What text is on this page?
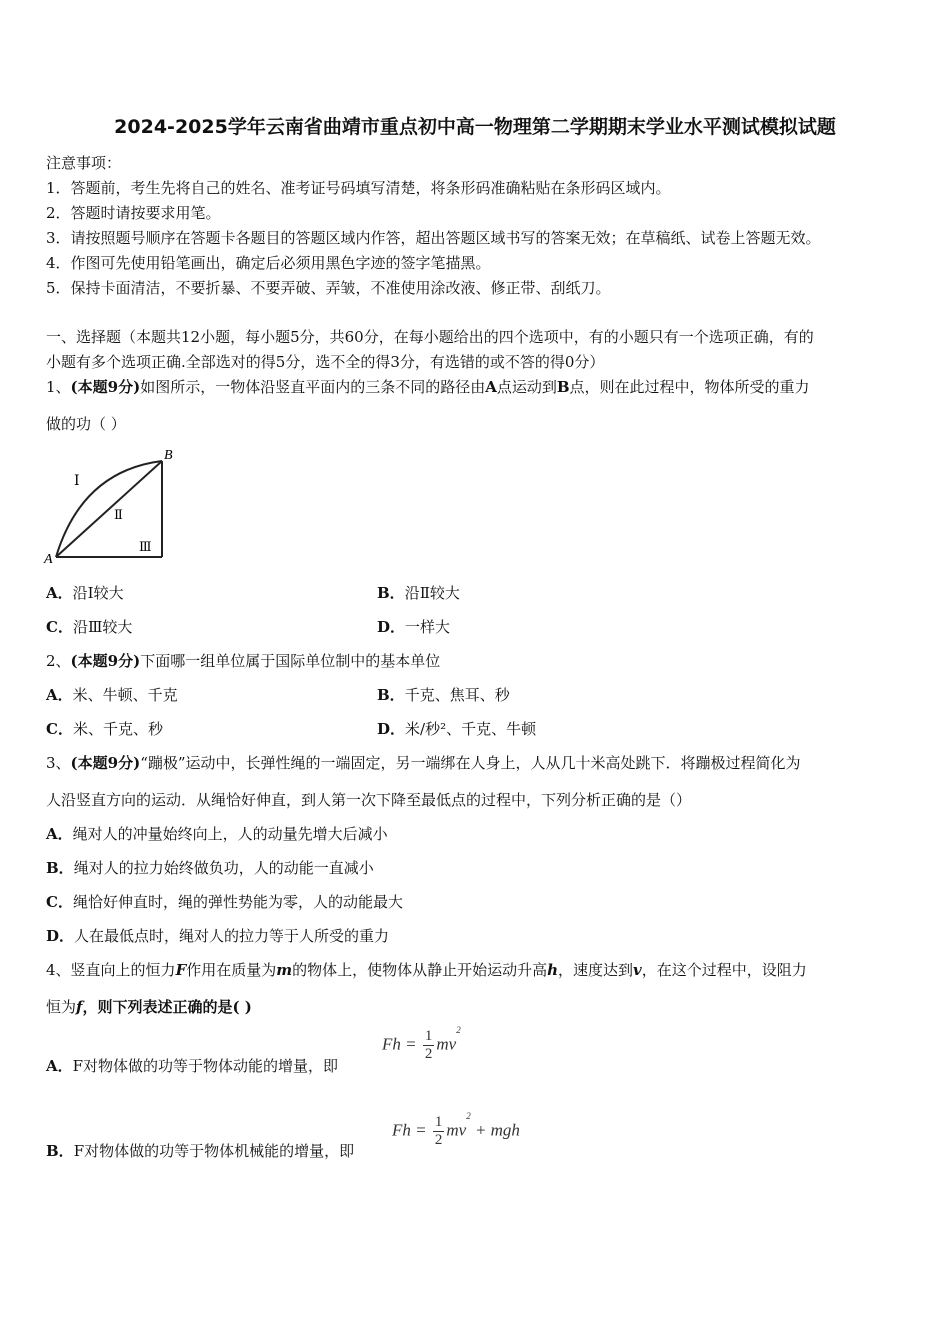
2024-2025学年云南省曲靖市重点初中高一物理第二学期期末学业水平测试模拟试题
注意事项：
1．答题前，考生先将自己的姓名、准考证号码填写清楚，将条形码准确粘贴在条形码区域内。
2．答题时请按要求用笔。
3．请按照题号顺序在答题卡各题目的答题区域内作答，超出答题区域书写的答案无效；在草稿纸、试卷上答题无效。
4．作图可先使用铅笔画出，确定后必须用黑色字迹的签字笔描黑。
5．保持卡面清洁，不要折暴、不要弄破、弄皱，不准使用涂改液、修正带、刮纸刀。
一、选择题（本题共12小题，每小题5分，共60分，在每小题给出的四个选项中，有的小题只有一个选项正确，有的
小题有多个选项正确.全部选对的得5分，选不全的得3分，有选错的或不答的得0分）
1、(本题9分)如图所示，一物体沿竖直平面内的三条不同的路径由A点运动到B点，则在此过程中，物体所受的重力
做的功（ ）
A
B
Ⅰ
Ⅱ
Ⅲ
A．沿Ⅰ较大	B．沿Ⅱ较大
C．沿Ⅲ较大	D．一样大
2、(本题9分)下面哪一组单位属于国际单位制中的基本单位
A．米、牛顿、千克	B．千克、焦耳、秒
C．米、千克、秒	D．米/秒²、千克、牛顿
3、(本题9分)“蹦极”运动中，长弹性绳的一端固定，另一端绑在人身上，人从几十米高处跳下．将蹦极过程简化为
人沿竖直方向的运动．从绳恰好伸直，到人第一次下降至最低点的过程中，下列分析正确的是（）
A．绳对人的冲量始终向上，人的动量先增大后减小
B．绳对人的拉力始终做负功，人的动能一直减小
C．绳恰好伸直时，绳的弹性势能为零，人的动能最大
D．人在最低点时，绳对人的拉力等于人所受的重力
4、竖直向上的恒力F作用在质量为m的物体上，使物体从静止开始运动升高h，速度达到v，在这个过程中，设阻力
恒为f，则下列表述正确的是( )
A．F对物体做的功等于物体动能的增量，即
$Fh = \frac{1}{2} mv^2$
B．F对物体做的功等于物体机械能的增量，即
$Fh = \frac{1}{2} mv^2$ + mgh
